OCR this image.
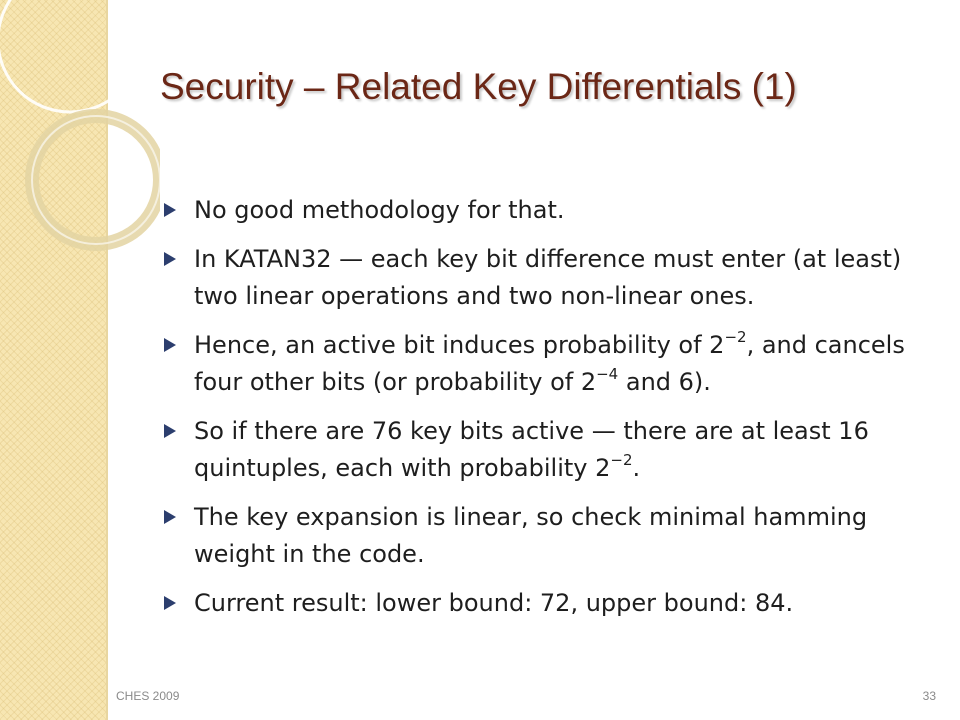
Security – Related Key Differentials (1)
No good methodology for that.
In KATAN32 — each key bit difference must enter (at least) two linear operations and two non-linear ones.
Hence, an active bit induces probability of $2^{-2}$, and cancels four other bits (or probability of $2^{-4}$ and 6).
So if there are 76 key bits active — there are at least 16 quintuples, each with probability $2^{-2}$.
The key expansion is linear, so check minimal hamming weight in the code.
Current result: lower bound: 72, upper bound: 84.
CHES 2009	33
